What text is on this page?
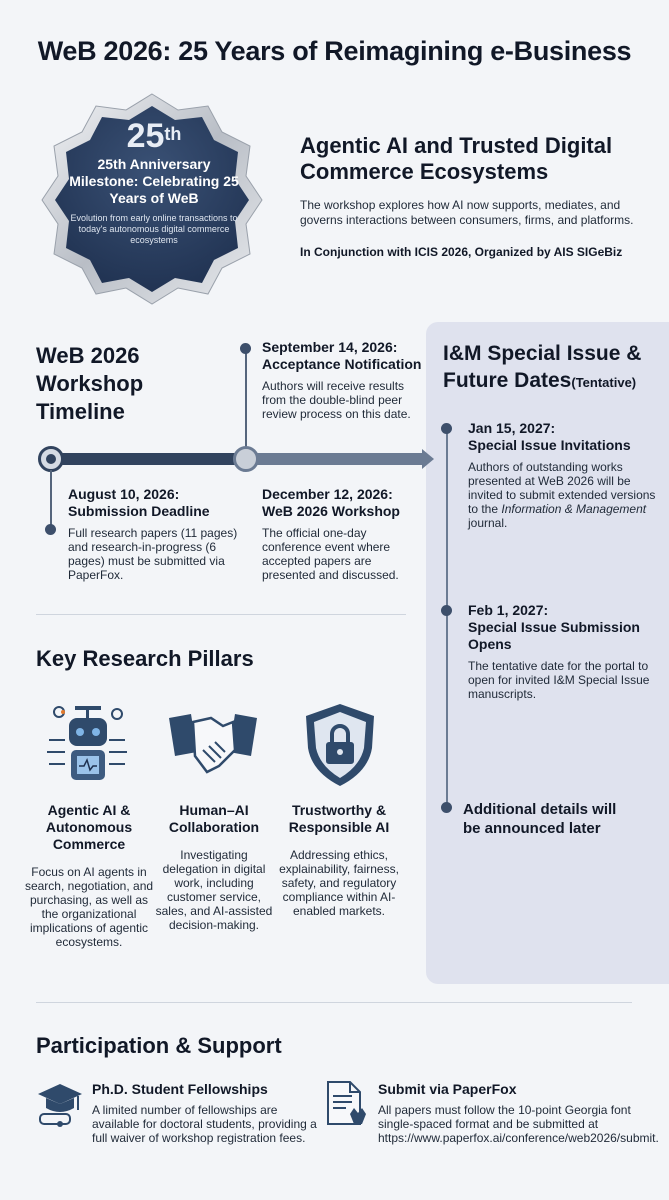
WeB 2026: 25 Years of Reimagining e-Business
25th
25th Anniversary Milestone: Celebrating 25 Years of WeB
Evolution from early online transactions to today's autonomous digital commerce ecosystems
Agentic AI and Trusted Digital Commerce Ecosystems
The workshop explores how AI now supports, mediates, and governs interactions between consumers, firms, and platforms.
In Conjunction with ICIS 2026, Organized by AIS SIGeBiz
I&M Special Issue & Future Dates(Tentative)
Jan 15, 2027:
Special Issue Invitations
Authors of outstanding works presented at WeB 2026 will be invited to submit extended versions to the Information & Management journal.
Feb 1, 2027:
Special Issue Submission Opens
The tentative date for the portal to open for invited I&M Special Issue manuscripts.
Additional details will be announced later
WeB 2026 Workshop Timeline
September 14, 2026:
Acceptance Notification
Authors will receive results from the double-blind peer review process on this date.
August 10, 2026:
Submission Deadline
Full research papers (11 pages) and research-in-progress (6 pages) must be submitted via PaperFox.
December 12, 2026:
WeB 2026 Workshop
The official one-day conference event where accepted papers are presented and discussed.
Key Research Pillars
Agentic AI & Autonomous Commerce
Focus on AI agents in search, negotiation, and purchasing, as well as the organizational implications of agentic ecosystems.
Human–AI Collaboration
Investigating delegation in digital work, including customer service, sales, and AI-assisted decision-making.
Trustworthy & Responsible AI
Addressing ethics, explainability, fairness, safety, and regulatory compliance within AI-enabled markets.
Participation & Support
Ph.D. Student Fellowships
A limited number of fellowships are available for doctoral students, providing a full waiver of workshop registration fees.
Submit via PaperFox
All papers must follow the 10-point Georgia font single-spaced format and be submitted at https://www.paperfox.ai/conference/web2026/submit.
